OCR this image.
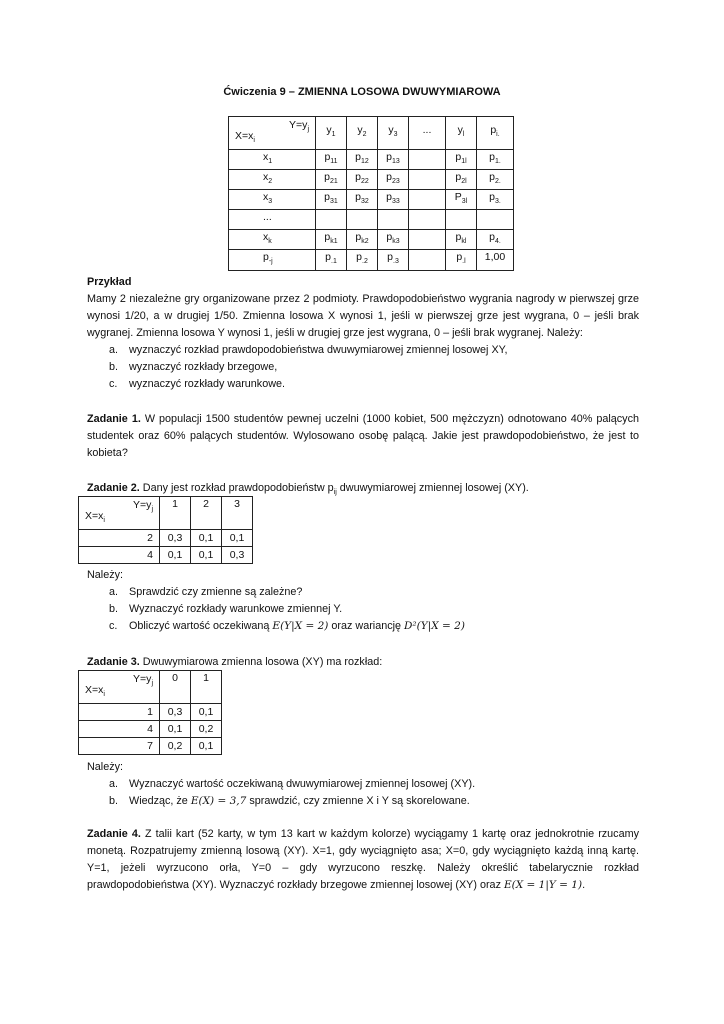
Ćwiczenia 9 – ZMIENNA LOSOWA DWUWYMIAROWA
$Y=y_j$
$X=x_i$	$y_1$	$y_2$	$y_3$	...	$y_l$	$p_{i.}$
$x_1$	$p_{11}$	$p_{12}$	$p_{13}$		$p_{1l}$	$p_{1.}$
$x_2$	$p_{21}$	$p_{22}$	$p_{23}$		$p_{2l}$	$p_{2.}$
$x_3$	$p_{31}$	$p_{32}$	$p_{33}$		$P_{3l}$	$p_{3.}$
...						
$x_k$	$p_{k1}$	$p_{k2}$	$p_{k3}$		$p_{kl}$	$p_{4.}$
$p_{-j}$	$p_{.1}$	$p_{.2}$	$p_{.3}$		$p_{.l}$	1,00
Przykład
Mamy 2 niezależne gry organizowane przez 2 podmioty. Prawdopodobieństwo wygrania nagrody w pierwszej grze wynosi 1/20, a w drugiej 1/50. Zmienna losowa X wynosi 1, jeśli w pierwszej grze jest wygrana, 0 – jeśli brak wygranej. Zmienna losowa Y wynosi 1, jeśli w drugiej grze jest wygrana, 0 – jeśli brak wygranej. Należy:
a. wyznaczyć rozkład prawdopodobieństwa dwuwymiarowej zmiennej losowej XY,
b. wyznaczyć rozkłady brzegowe,
c. wyznaczyć rozkłady warunkowe.
Zadanie 1. W populacji 1500 studentów pewnej uczelni (1000 kobiet, 500 mężczyzn) odnotowano 40% palących studentek oraz 60% palących studentów. Wylosowano osobę palącą. Jakie jest prawdopodobieństwo, że jest to kobieta?
Zadanie 2. Dany jest rozkład prawdopodobieństw $p_{ij}$ dwuwymiarowej zmiennej losowej (XY).
$Y=y_j$
$X=x_i$	1	2	3
2	0,3	0,1	0,1
4	0,1	0,1	0,3
Należy:
a. Sprawdzić czy zmienne są zależne?
b. Wyznaczyć rozkłady warunkowe zmiennej Y.
c. Obliczyć wartość oczekiwaną E(Y|X = 2) oraz wariancję D²(Y|X = 2)
Zadanie 3. Dwuwymiarowa zmienna losowa (XY) ma rozkład:
$Y=y_j$
$X=x_i$	0	1
1	0,3	0,1
4	0,1	0,2
7	0,2	0,1
Należy:
a. Wyznaczyć wartość oczekiwaną dwuwymiarowej zmiennej losowej (XY).
b. Wiedząc, że E(X) = 3,7 sprawdzić, czy zmienne X i Y są skorelowane.
Zadanie 4. Z talii kart (52 karty, w tym 13 kart w każdym kolorze) wyciągamy 1 kartę oraz jednokrotnie rzucamy monetą. Rozpatrujemy zmienną losową (XY). X=1, gdy wyciągnięto asa; X=0, gdy wyciągnięto każdą inną kartę. Y=1, jeżeli wyrzucono orła, Y=0 – gdy wyrzucono reszkę. Należy określić tabelarycznie rozkład prawdopodobieństwa (XY). Wyznaczyć rozkłady brzegowe zmiennej losowej (XY) oraz E(X = 1|Y = 1).
